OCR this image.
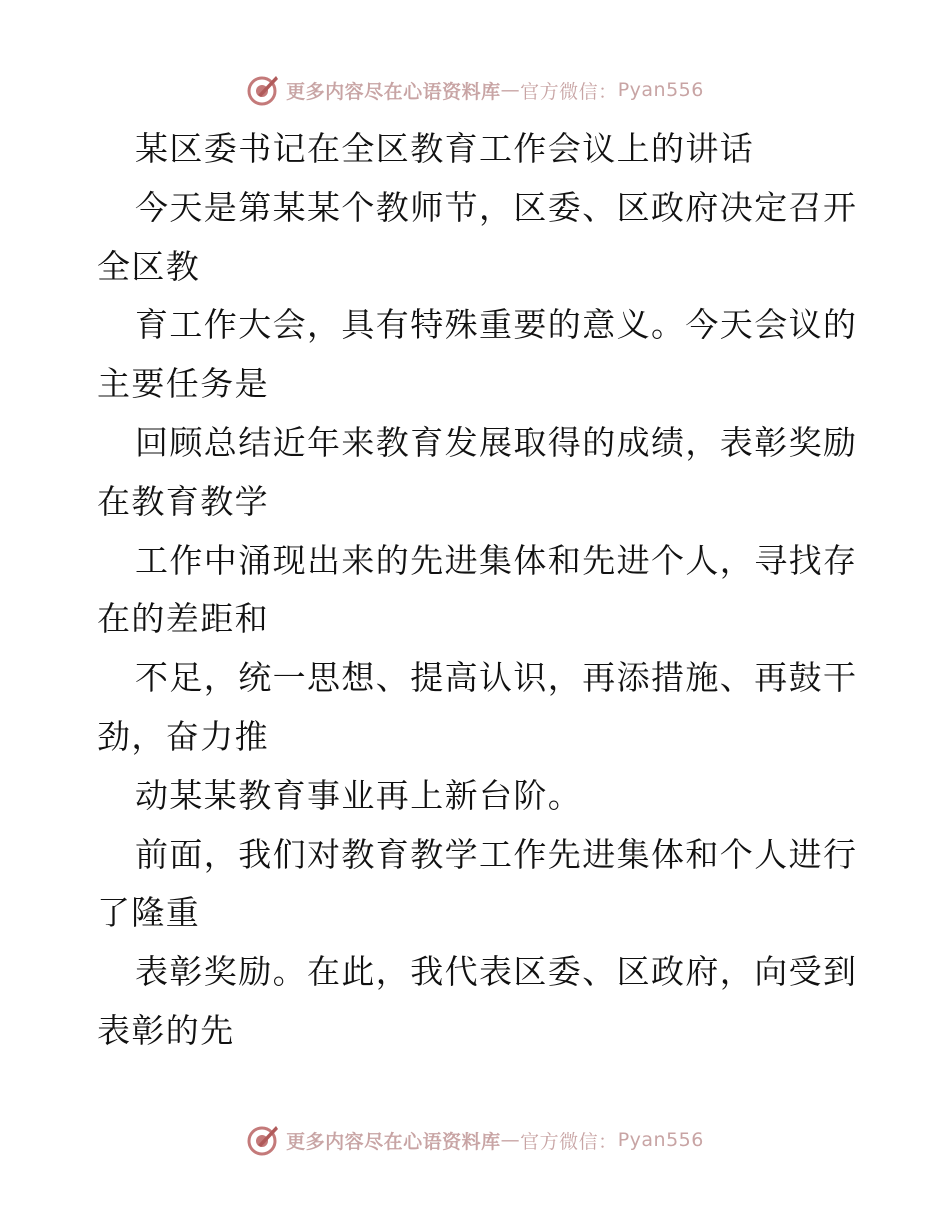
更多内容尽在心语资料库 — 官方微信： Pyan556
某区委书记在全区教育工作会议上的讲话
今天是第某某个教师节，区委、区政府决定召开
全区教
育工作大会，具有特殊重要的意义。今天会议的
主要任务是
回顾总结近年来教育发展取得的成绩，表彰奖励
在教育教学
工作中涌现出来的先进集体和先进个人，寻找存
在的差距和
不足，统一思想、提高认识，再添措施、再鼓干
劲，奋力推
动某某教育事业再上新台阶。
前面，我们对教育教学工作先进集体和个人进行
了隆重
表彰奖励。在此，我代表区委、区政府，向受到
表彰的先
更多内容尽在心语资料库 — 官方微信： Pyan556
